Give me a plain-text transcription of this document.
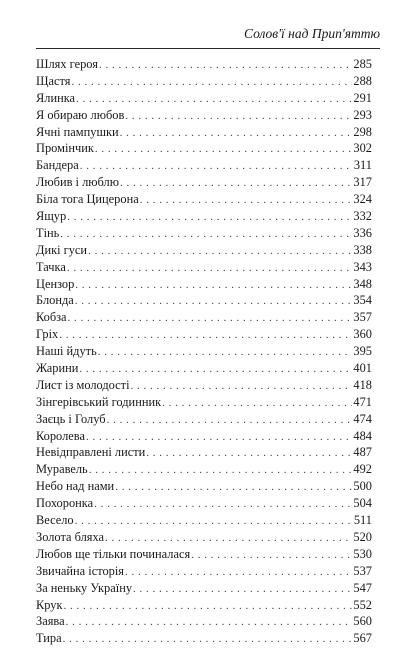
Солов'ї над Прип'яттю
Шлях героя . . .	285
Щастя . . .	288
Ялинка . . .	291
Я обираю любов . . .	293
Ячні пампушки . . .	298
Промінчик . . .	302
Бандера . . .	311
Любив і люблю . . .	317
Біла тога Цицерона . . .	324
Ящур . . .	332
Тінь . . .	336
Дикі гуси . . .	338
Тачка . . .	343
Цензор . . .	348
Блонда . . .	354
Кобза . . .	357
Гріх . . .	360
Наші йдуть . . .	395
Жарини . . .	401
Лист із молодості . . .	418
Зінгерівський годинник . . .	471
Заєць і Голуб . . .	474
Королева . . .	484
Невідправлені листи . . .	487
Муравель . . .	492
Небо над нами . . .	500
Похоронка . . .	504
Весело . . .	511
Золота бляха . . .	520
Любов ще тільки починалася . . .	530
Звичайна історія . . .	537
За неньку Україну . . .	547
Крук . . .	552
Заява . . .	560
Тира . . .	567
